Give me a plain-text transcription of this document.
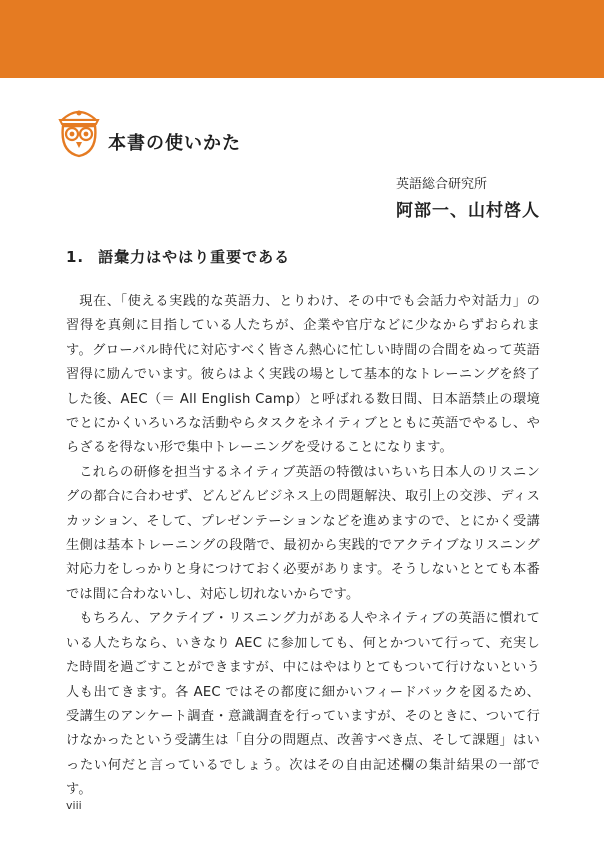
本書の使いかた
英語総合研究所
阿部一、山村啓人
1. 語彙力はやはり重要である

現在、「使える実践的な英語力、とりわけ、その中でも会話力や対話力」の習得を真剣に目指している人たちが、企業や官庁などに少なからずおられます。グローバル時代に対応すべく皆さん熱心に忙しい時間の合間をぬって英語習得に励んでいます。彼らはよく実践の場として基本的なトレーニングを終了した後、AEC（＝ All English Camp）と呼ばれる数日間、日本語禁止の環境でとにかくいろいろな活動やらタスクをネイティブとともに英語でやるし、やらざるを得ない形で集中トレーニングを受けることになります。

これらの研修を担当するネイティブ英語の特徴はいちいち日本人のリスニングの都合に合わせず、どんどんビジネス上の問題解決、取引上の交渉、ディスカッション、そして、プレゼンテーションなどを進めますので、とにかく受講生側は基本トレーニングの段階で、最初から実践的でアクテイブなリスニング対応力をしっかりと身につけておく必要があります。そうしないととても本番では間に合わないし、対応し切れないからです。

もちろん、アクテイブ・リスニング力がある人やネイティブの英語に慣れている人たちなら、いきなり AEC に参加しても、何とかついて行って、充実した時間を過ごすことができますが、中にはやはりとてもついて行けないという人も出てきます。各 AEC ではその都度に細かいフィードバックを図るため、受講生のアンケート調査・意識調査を行っていますが、そのときに、ついて行けなかったという受講生は「自分の問題点、改善すべき点、そして課題」はいったい何だと言っているでしょう。次はその自由記述欄の集計結果の一部です。

viii
